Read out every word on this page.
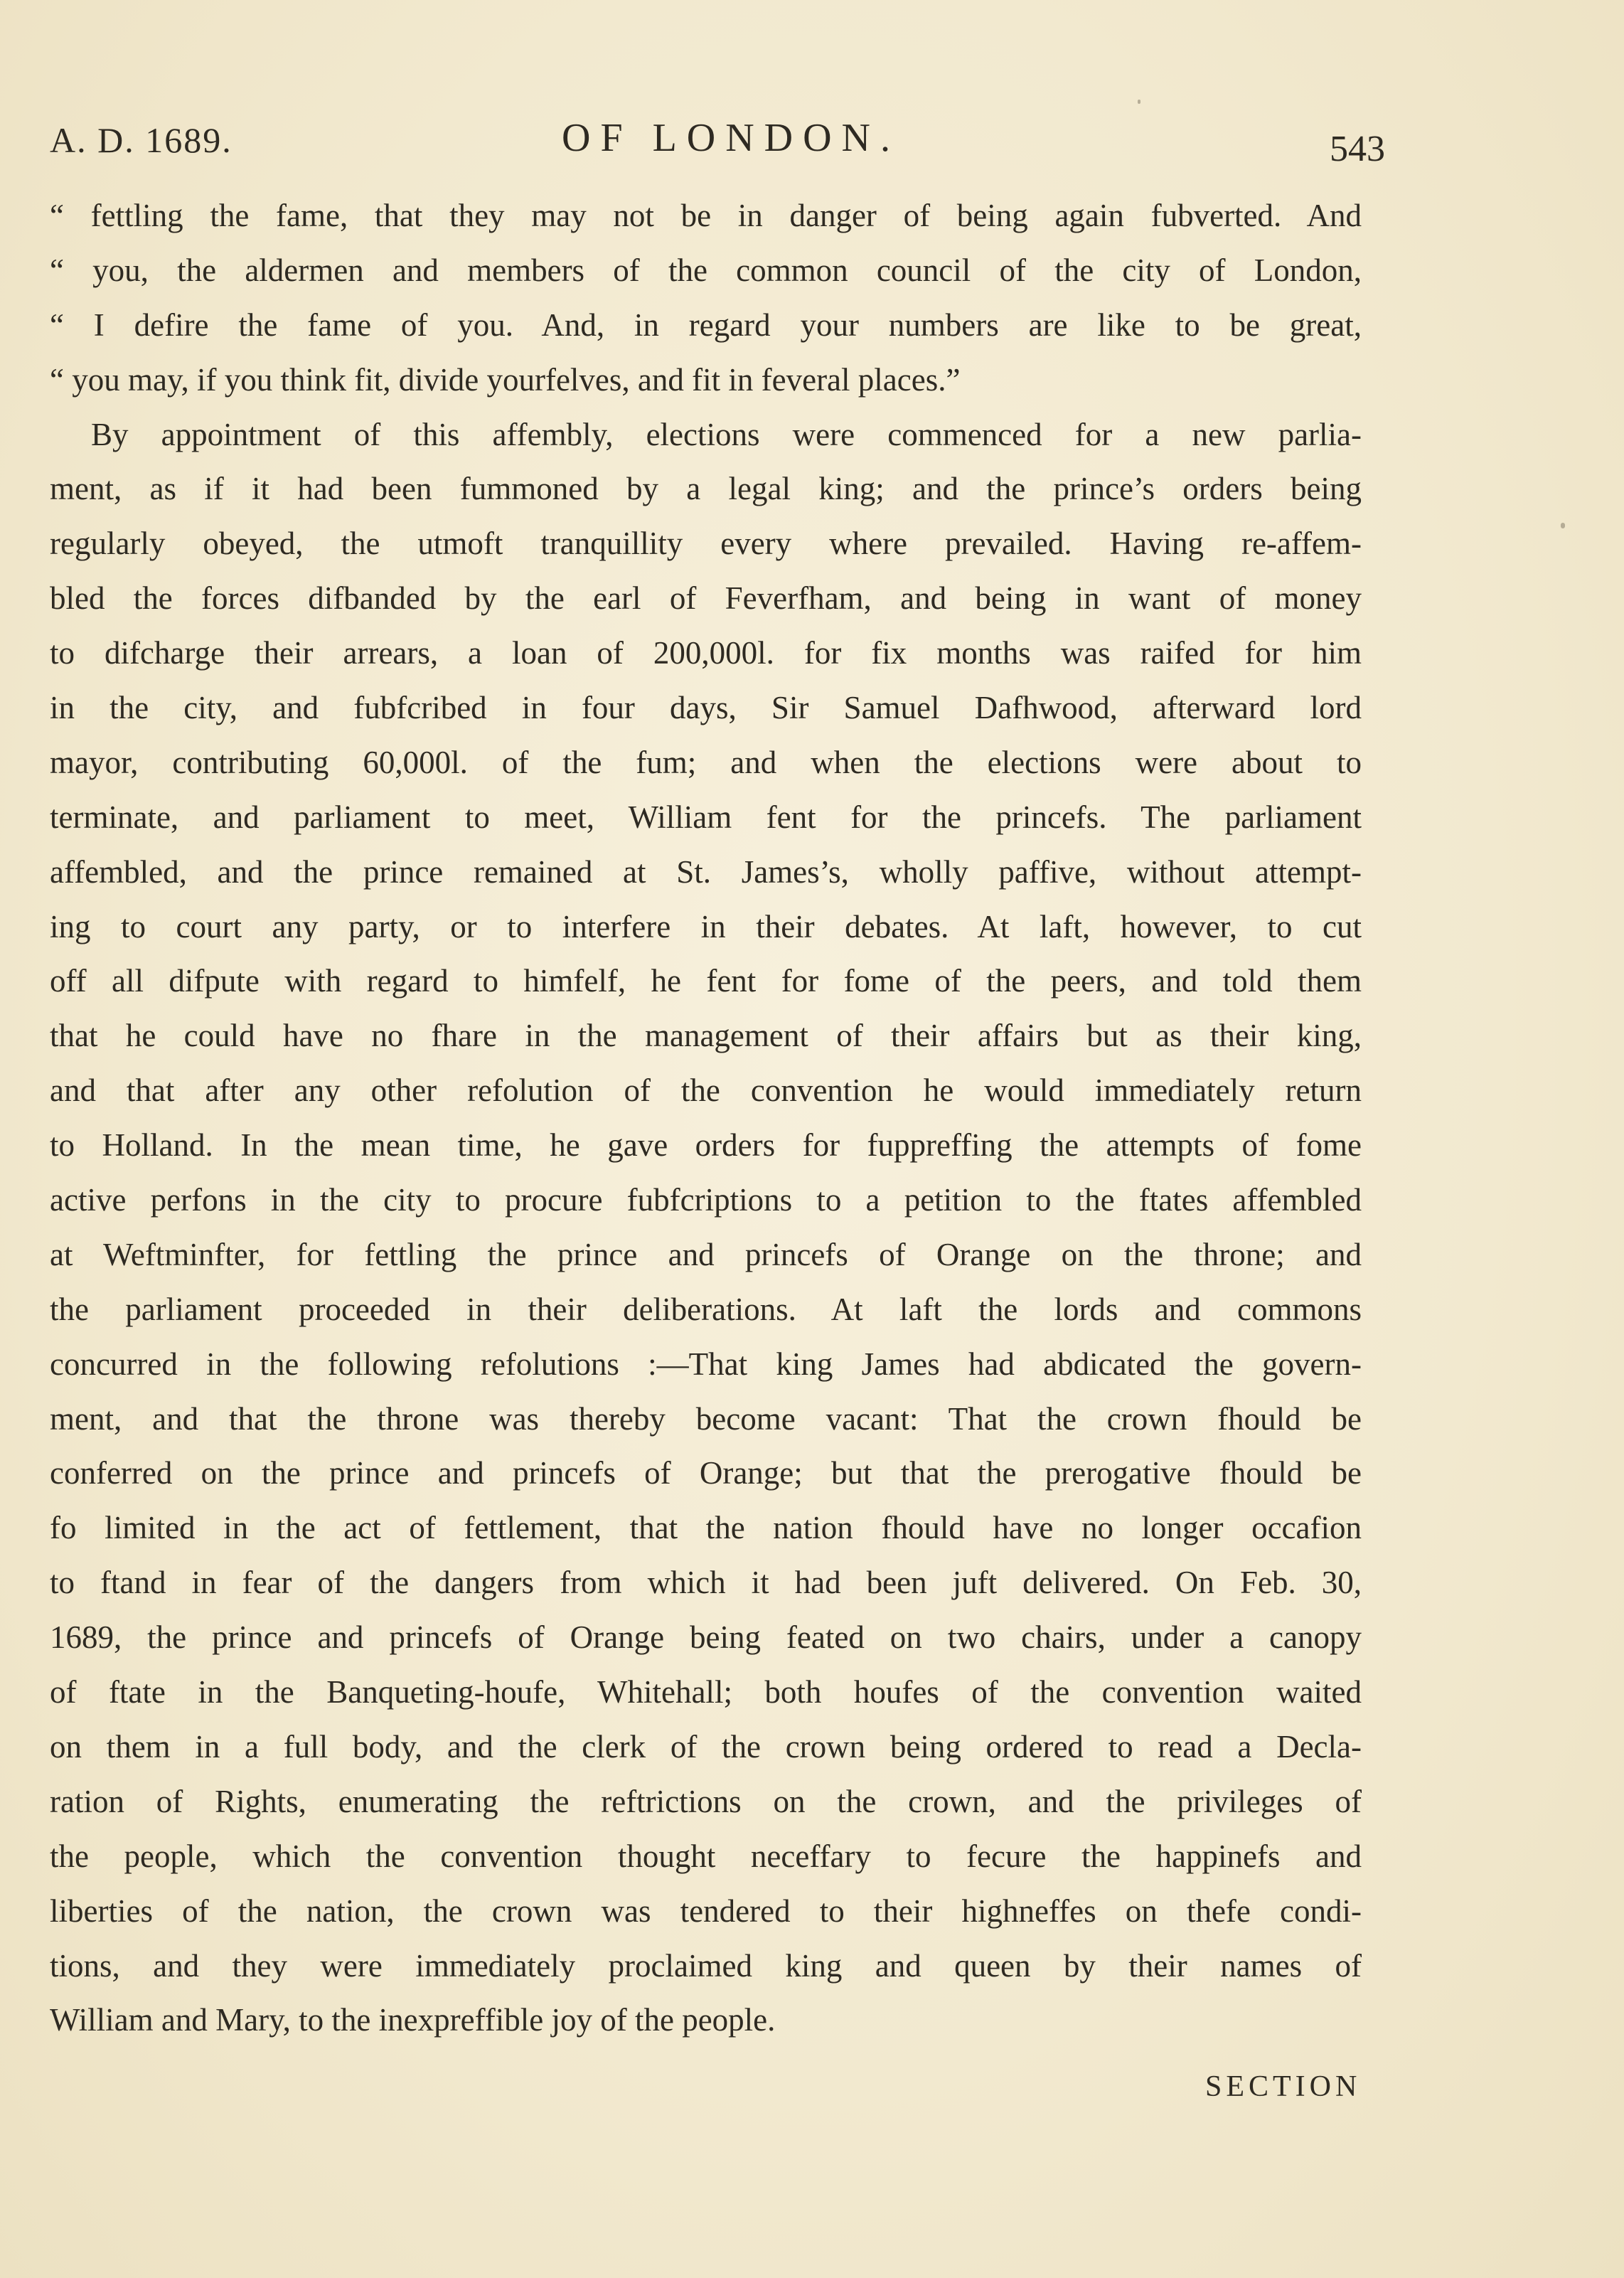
A. D. 1689.	OF LONDON.	543
“ fettling the fame, that they may not be in danger of being again fubverted. And
“ you, the aldermen and members of the common council of the city of London,
“ I defire the fame of you. And, in regard your numbers are like to be great,
“ you may, if you think fit, divide yourfelves, and fit in feveral places.”
By appointment of this affembly, elections were commenced for a new parlia-
ment, as if it had been fummoned by a legal king; and the prince’s orders being
regularly obeyed, the utmoft tranquillity every where prevailed. Having re-affem-
bled the forces difbanded by the earl of Feverfham, and being in want of money
to difcharge their arrears, a loan of 200,000l. for fix months was raifed for him
in the city, and fubfcribed in four days, Sir Samuel Dafhwood, afterward lord
mayor, contributing 60,000l. of the fum; and when the elections were about to
terminate, and parliament to meet, William fent for the princefs. The parliament
affembled, and the prince remained at St. James’s, wholly paffive, without attempt-
ing to court any party, or to interfere in their debates. At laft, however, to cut
off all difpute with regard to himfelf, he fent for fome of the peers, and told them
that he could have no fhare in the management of their affairs but as their king,
and that after any other refolution of the convention he would immediately return
to Holland. In the mean time, he gave orders for fuppreffing the attempts of fome
active perfons in the city to procure fubfcriptions to a petition to the ftates affembled
at Weftminfter, for fettling the prince and princefs of Orange on the throne; and
the parliament proceeded in their deliberations. At laft the lords and commons
concurred in the following refolutions :—That king James had abdicated the govern-
ment, and that the throne was thereby become vacant: That the crown fhould be
conferred on the prince and princefs of Orange; but that the prerogative fhould be
fo limited in the act of fettlement, that the nation fhould have no longer occafion
to ftand in fear of the dangers from which it had been juft delivered. On Feb. 30,
1689, the prince and princefs of Orange being feated on two chairs, under a canopy
of ftate in the Banqueting-houfe, Whitehall; both houfes of the convention waited
on them in a full body, and the clerk of the crown being ordered to read a Decla-
ration of Rights, enumerating the reftrictions on the crown, and the privileges of
the people, which the convention thought neceffary to fecure the happinefs and
liberties of the nation, the crown was tendered to their highneffes on thefe condi-
tions, and they were immediately proclaimed king and queen by their names of
William and Mary, to the inexpreffible joy of the people.
SECTION
